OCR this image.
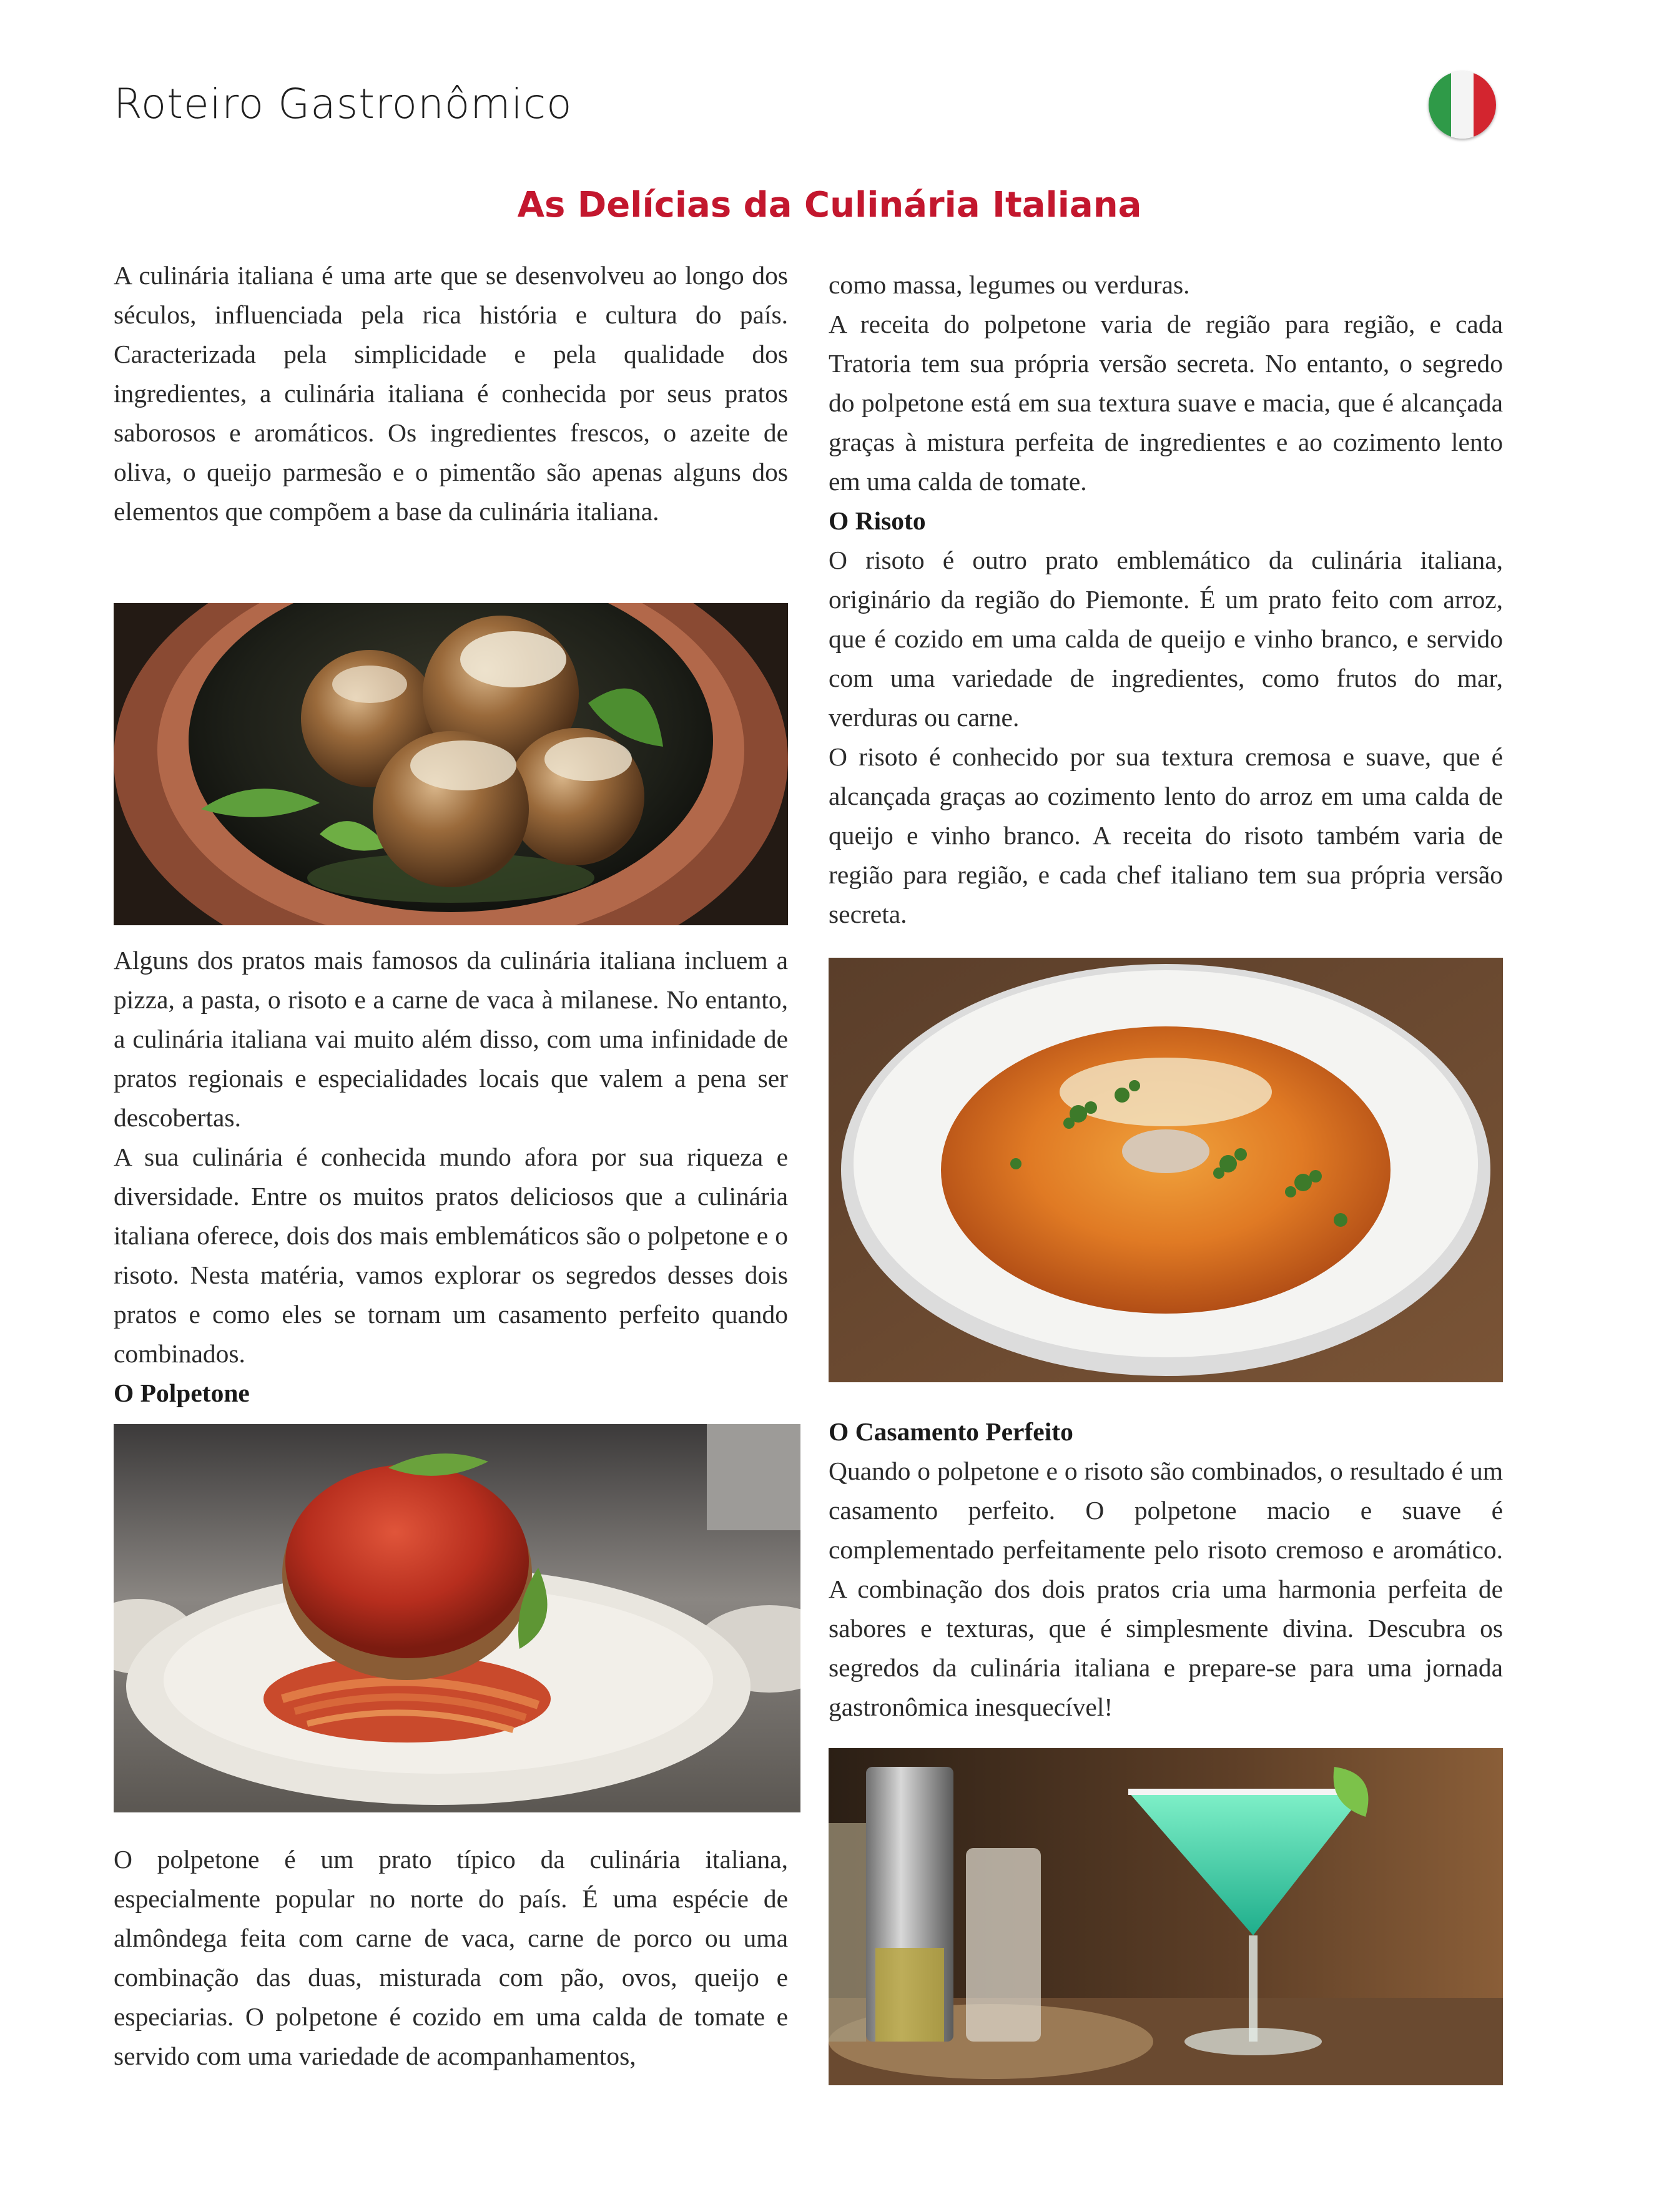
Roteiro Gastronômico
As Delícias da Culinária Italiana

A culinária italiana é uma arte que se desenvolveu ao longo dos séculos, influenciada pela rica história e cultura do país. Caracterizada pela simplicidade e pela qualidade dos ingredientes, a culinária italiana é conhecida por seus pratos saborosos e aromáticos. Os ingredientes frescos, o azeite de oliva, o queijo parmesão e o pimentão são apenas alguns dos elementos que compõem a base da culinária italiana.

Alguns dos pratos mais famosos da culinária italiana incluem a pizza, a pasta, o risoto e a carne de vaca à milanese. No entanto, a culinária italiana vai muito além disso, com uma infinidade de pratos regionais e especialidades locais que valem a pena ser descobertas.

A sua culinária é conhecida mundo afora por sua riqueza e diversidade. Entre os muitos pratos deliciosos que a culinária italiana oferece, dois dos mais emblemáticos são o polpetone e o risoto. Nesta matéria, vamos explorar os segredos desses dois pratos e como eles se tornam um casamento perfeito quando combinados.

O Polpetone

O polpetone é um prato típico da culinária italiana, especialmente popular no norte do país. É uma espécie de almôndega feita com carne de vaca, carne de porco ou uma combinação das duas, misturada com pão, ovos, queijo e especiarias. O polpetone é cozido em uma calda de tomate e servido com uma variedade de acompanhamentos,

como massa, legumes ou verduras.

A receita do polpetone varia de região para região, e cada Tratoria tem sua própria versão secreta. No entanto, o segredo do polpetone está em sua textura suave e macia, que é alcançada graças à mistura perfeita de ingredientes e ao cozimento lento em uma calda de tomate.

O Risoto

O risoto é outro prato emblemático da culinária italiana, originário da região do Piemonte. É um prato feito com arroz, que é cozido em uma calda de queijo e vinho branco, e servido com uma variedade de ingredientes, como frutos do mar, verduras ou carne.

O risoto é conhecido por sua textura cremosa e suave, que é alcançada graças ao cozimento lento do arroz em uma calda de queijo e vinho branco. A receita do risoto também varia de região para região, e cada chef italiano tem sua própria versão secreta.

O Casamento Perfeito

Quando o polpetone e o risoto são combinados, o resultado é um casamento perfeito. O polpetone macio e suave é complementado perfeitamente pelo risoto cremoso e aromático. A combinação dos dois pratos cria uma harmonia perfeita de sabores e texturas, que é simplesmente divina. Descubra os segredos da culinária italiana e prepare-se para uma jornada gastronômica inesquecível!
